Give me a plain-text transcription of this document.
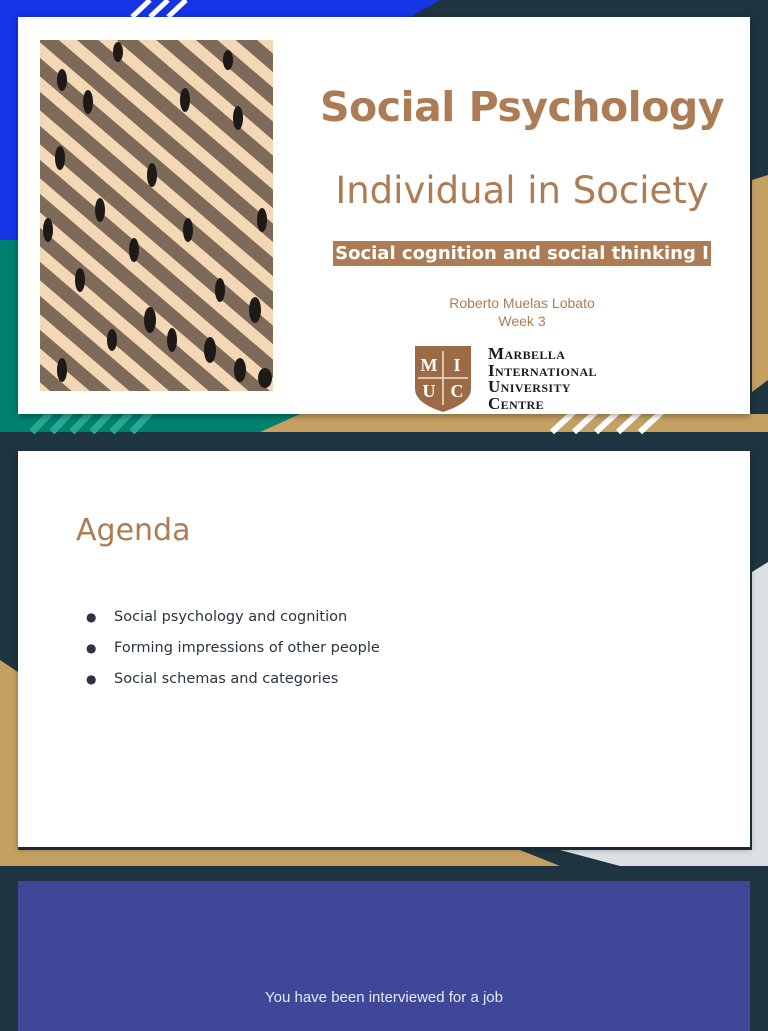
Social Psychology
Individual in Society
Social cognition and social thinking I
Roberto Muelas Lobato
Week 3
M I
U C
Marbella
International
University
Centre
Agenda
● Social psychology and cognition
● Forming impressions of other people
● Social schemas and categories
You have been interviewed for a job
